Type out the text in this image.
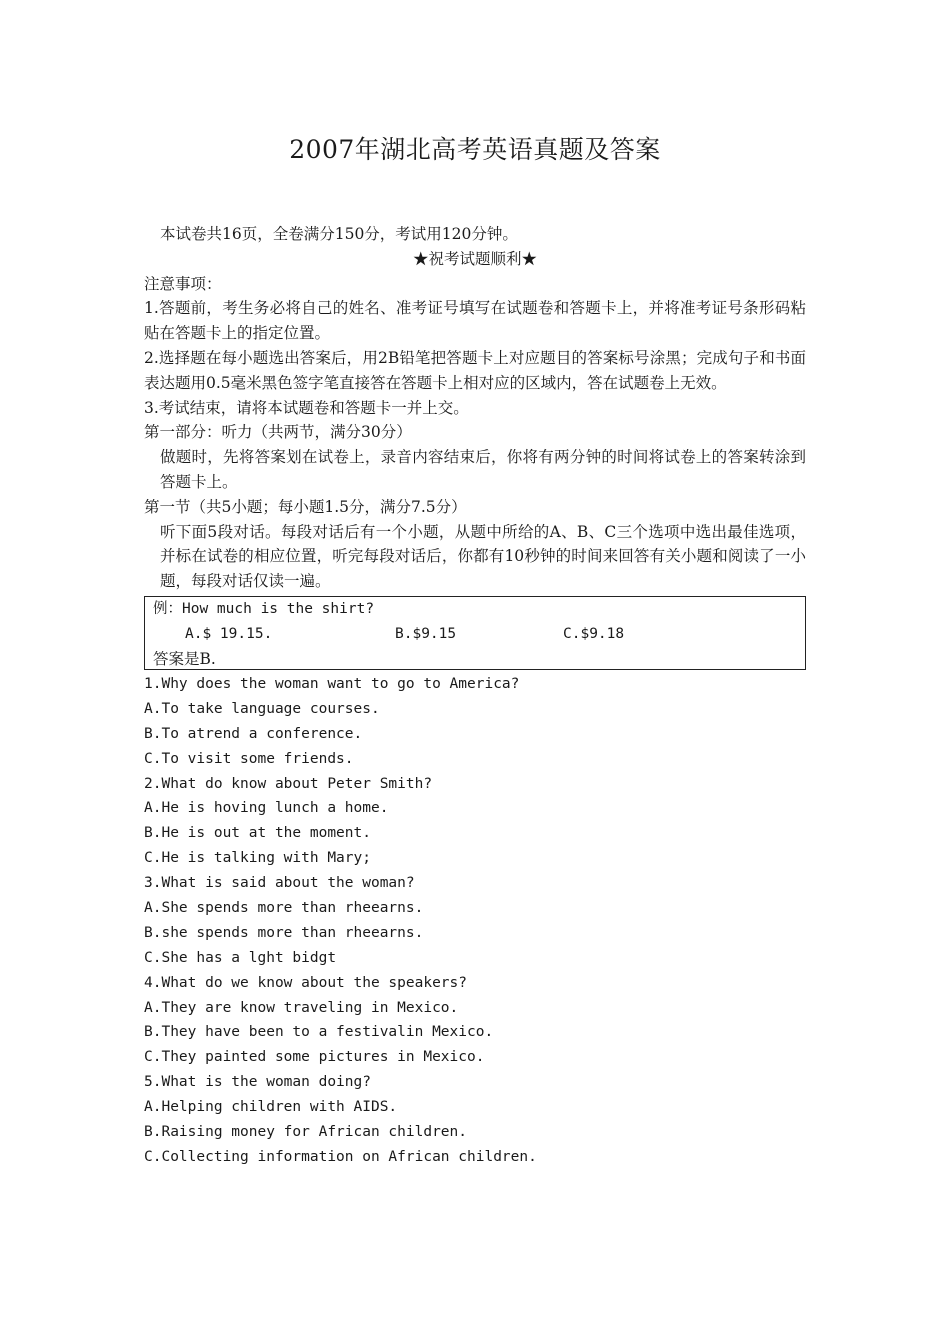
2007年湖北高考英语真题及答案
本试卷共16页，全卷满分150分，考试用120分钟。
★祝考试题顺利★
注意事项：
1.答题前，考生务必将自己的姓名、准考证号填写在试题卷和答题卡上，并将准考证号条形码粘贴在答题卡上的指定位置。
2.选择题在每小题选出答案后，用2B铅笔把答题卡上对应题目的答案标号涂黑；完成句子和书面表达题用0.5毫米黑色签字笔直接答在答题卡上相对应的区域内，答在试题卷上无效。
3.考试结束，请将本试题卷和答题卡一并上交。
第一部分：听力（共两节，满分30分）
做题时，先将答案划在试卷上，录音内容结束后，你将有两分钟的时间将试卷上的答案转涂到答题卡上。
第一节（共5小题；每小题1.5分，满分7.5分）
听下面5段对话。每段对话后有一个小题，从题中所给的A、B、C三个选项中选出最佳选项，并标在试卷的相应位置，听完每段对话后，你都有10秒钟的时间来回答有关小题和阅读了一小题，每段对话仅读一遍。
例：How much is the shirt?
A.$ 19.15.	B.$9.15	C.$9.18
答案是B.
1.Why does the woman want to go to America?
A.To take language courses.
B.To atrend a conference.
C.To visit some friends.
2.What do know about Peter Smith?
A.He is hoving lunch a home.
B.He is out at the moment.
C.He is talking with Mary;
3.What is said about the woman?
A.She spends more than rheearns.
B.she spends more than rheearns.
C.She has a lght bidgt
4.What do we know about the speakers?
A.They are know traveling in Mexico.
B.They have been to a festivalin Mexico.
C.They painted some pictures in Mexico.
5.What is the woman doing?
A.Helping children with AIDS.
B.Raising money for African children.
C.Collecting information on African children.
